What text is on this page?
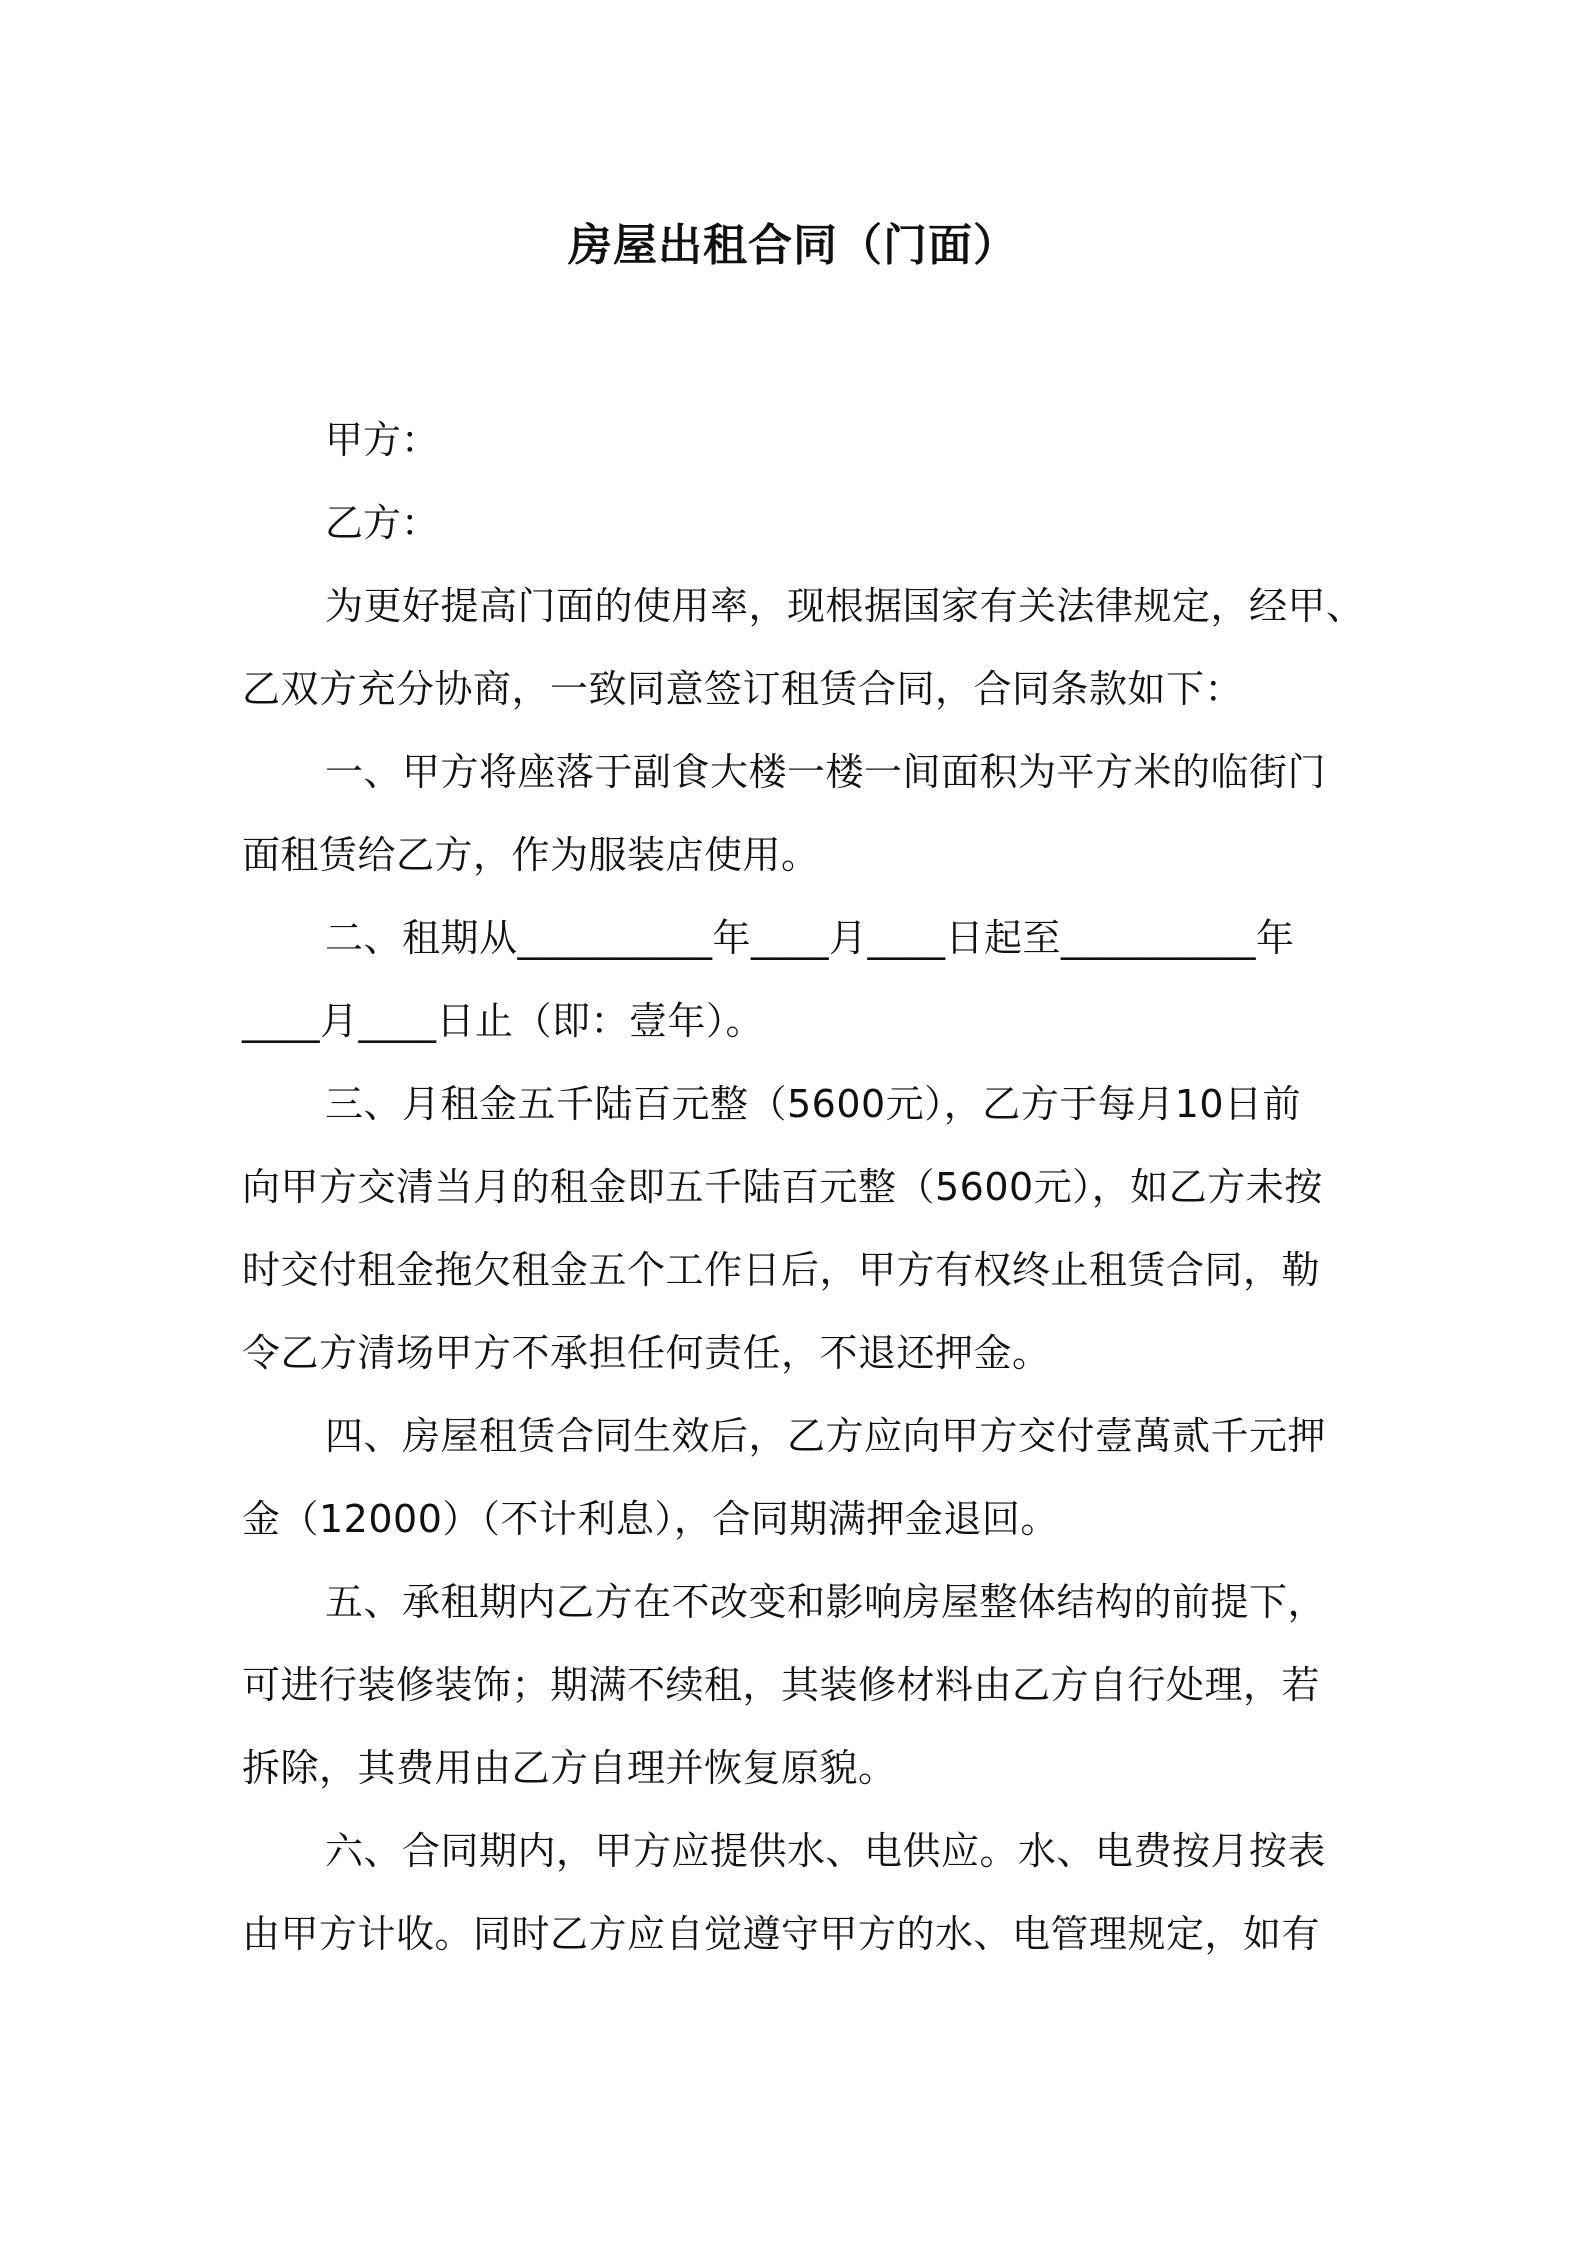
房屋出租合同（门面）
甲方：
乙方：
为更好提高门面的使用率，现根据国家有关法律规定，经甲、
乙双方充分协商，一致同意签订租赁合同，合同条款如下：
一、甲方将座落于副食大楼一楼一间面积为平方米的临街门
面租赁给乙方，作为服装店使用。
二、租期从__________年____月____日起至__________年
____月____日止（即：壹年）。
三、月租金五千陆百元整（5600元），乙方于每月10日前
向甲方交清当月的租金即五千陆百元整（5600元），如乙方未按
时交付租金拖欠租金五个工作日后，甲方有权终止租赁合同，勒
令乙方清场甲方不承担任何责任，不退还押金。
四、房屋租赁合同生效后，乙方应向甲方交付壹萬贰千元押
金（12000）（不计利息），合同期满押金退回。
五、承租期内乙方在不改变和影响房屋整体结构的前提下，
可进行装修装饰；期满不续租，其装修材料由乙方自行处理，若
拆除，其费用由乙方自理并恢复原貌。
六、合同期内，甲方应提供水、电供应。水、电费按月按表
由甲方计收。同时乙方应自觉遵守甲方的水、电管理规定，如有
